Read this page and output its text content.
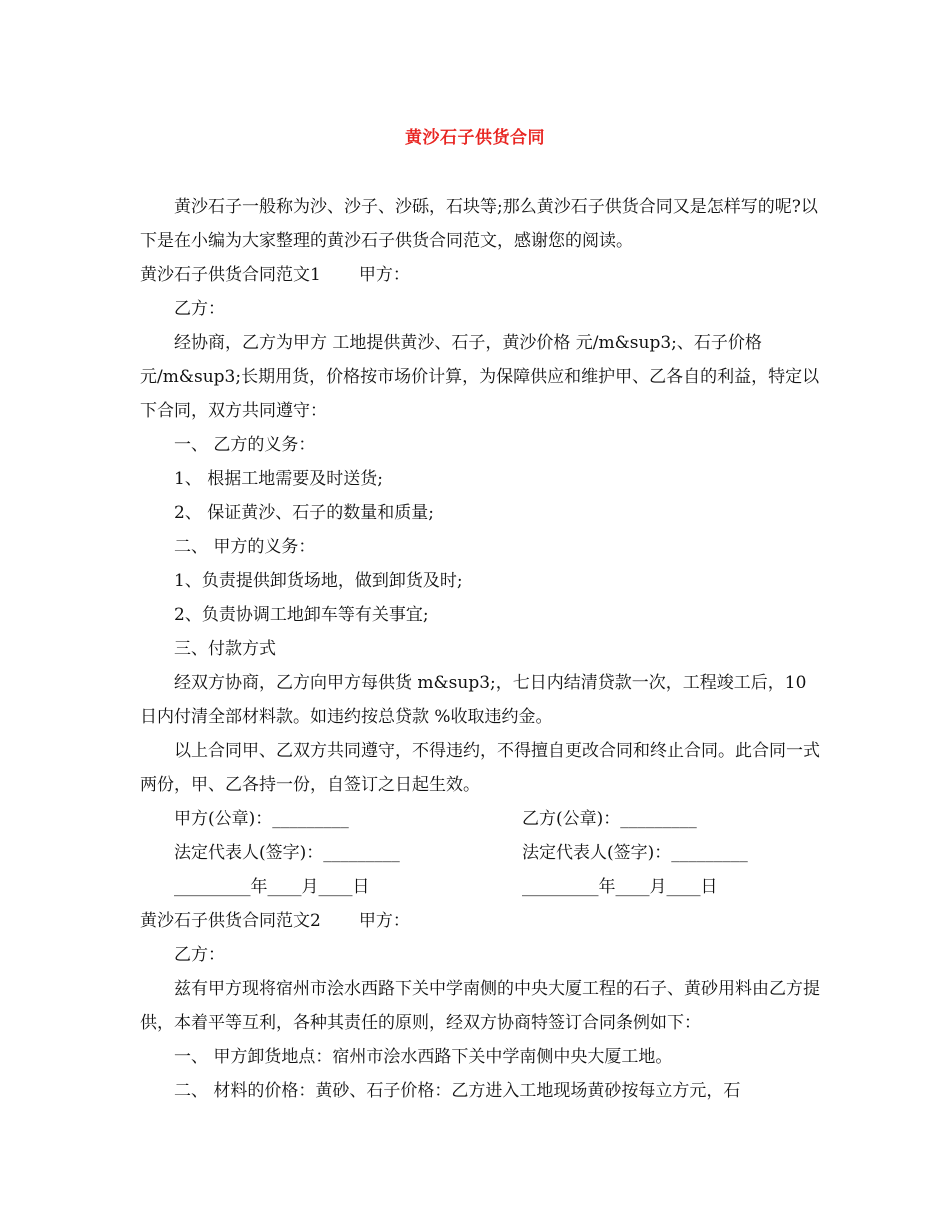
黄沙石子供货合同

黄沙石子一般称为沙、沙子、沙砾，石块等;那么黄沙石子供货合同又是怎样写的呢?以下是在小编为大家整理的黄沙石子供货合同范文，感谢您的阅读。

黄沙石子供货合同范文1 甲方：

乙方：

经协商，乙方为甲方 工地提供黄沙、石子，黄沙价格 元/m&sup3;、石子价格元/m&sup3;长期用货，价格按市场价计算，为保障供应和维护甲、乙各自的利益，特定以下合同，双方共同遵守：

一、 乙方的义务：

1、 根据工地需要及时送货;

2、 保证黄沙、石子的数量和质量;

二、 甲方的义务：

1、负责提供卸货场地，做到卸货及时;

2、负责协调工地卸车等有关事宜;

三、付款方式

经双方协商，乙方向甲方每供货 m&sup3;，七日内结清贷款一次，工程竣工后，10日内付清全部材料款。如违约按总贷款 %收取违约金。

以上合同甲、乙双方共同遵守，不得违约，不得擅自更改合同和终止合同。此合同一式两份，甲、乙各持一份，自签订之日起生效。

甲方(公章)：_________	乙方(公章)：_________
法定代表人(签字)：_________	法定代表人(签字)：_________
_________年____月____日	_________年____月____日

黄沙石子供货合同范文2 甲方：

乙方：

兹有甲方现将宿州市浍水西路下关中学南侧的中央大厦工程的石子、黄砂用料由乙方提供，本着平等互利，各种其责任的原则，经双方协商特签订合同条例如下：

一、 甲方卸货地点：宿州市浍水西路下关中学南侧中央大厦工地。

二、 材料的价格：黄砂、石子价格：乙方进入工地现场黄砂按每立方元，石
